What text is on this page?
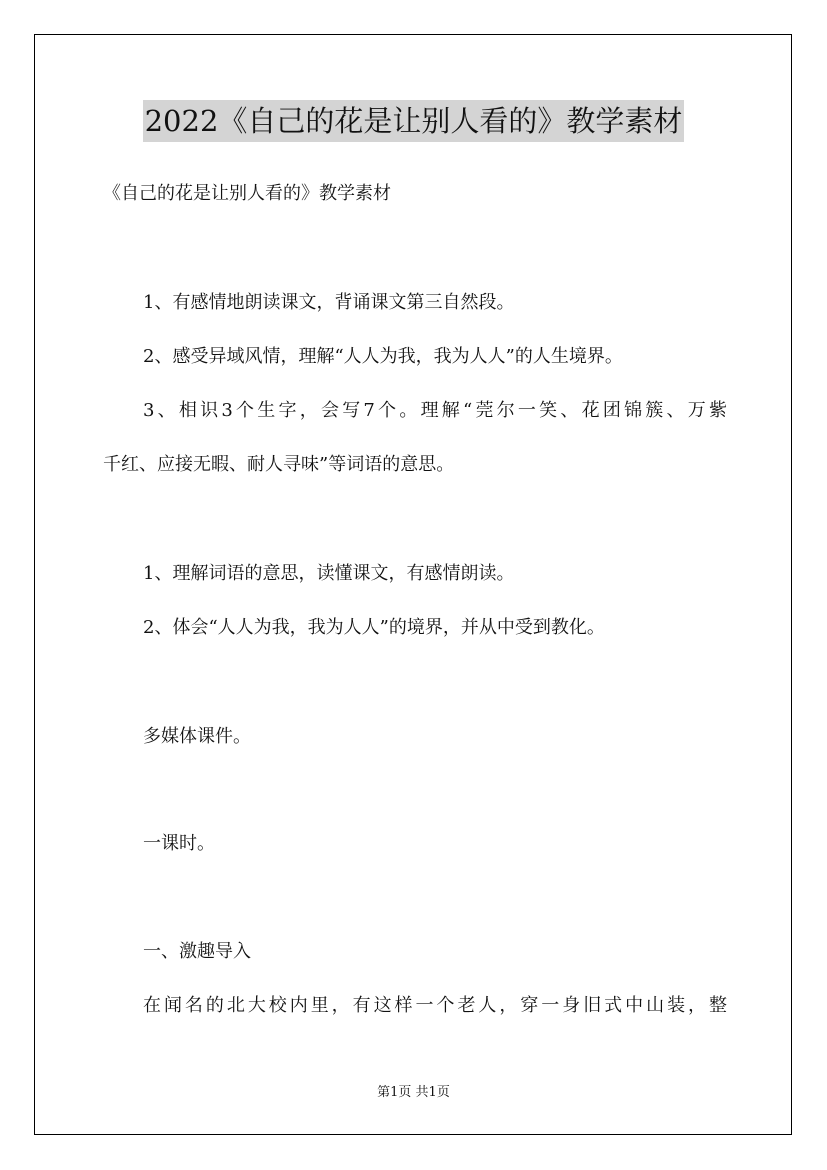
2022《自己的花是让别人看的》教学素材
《自己的花是让别人看的》教学素材
1、有感情地朗读课文，背诵课文第三自然段。
2、感受异域风情，理解“人人为我，我为人人”的人生境界。
3、相识3个生字，会写7个。理解“莞尔一笑、花团锦簇、万紫
千红、应接无暇、耐人寻味”等词语的意思。
1、理解词语的意思，读懂课文，有感情朗读。
2、体会“人人为我，我为人人”的境界，并从中受到教化。
多媒体课件。
一课时。
一、激趣导入
在闻名的北大校内里，有这样一个老人，穿一身旧式中山装，整
第1页 共1页
